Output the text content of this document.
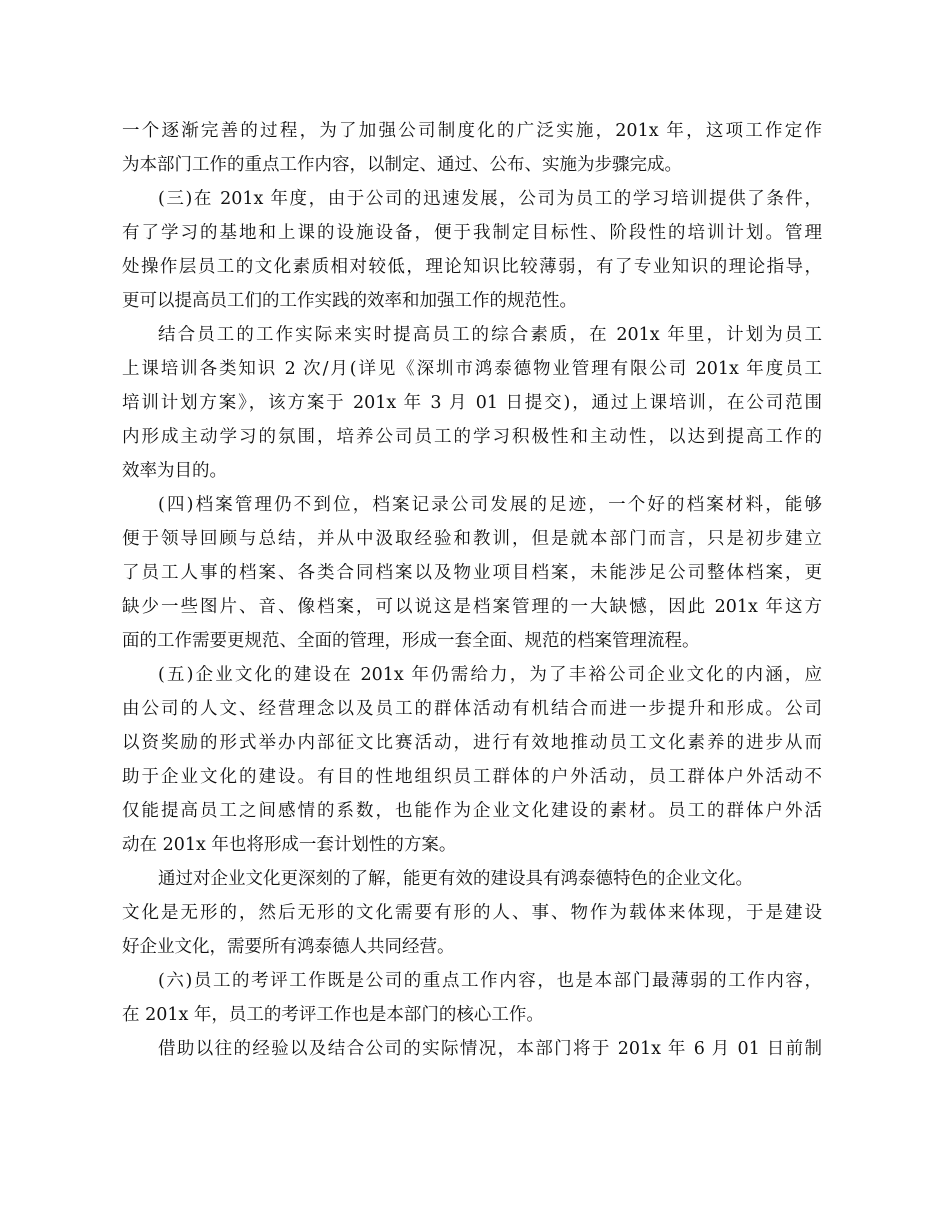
一个逐渐完善的过程，为了加强公司制度化的广泛实施，201x 年，这项工作定作
为本部门工作的重点工作内容，以制定、通过、公布、实施为步骤完成。
(三)在 201x 年度，由于公司的迅速发展，公司为员工的学习培训提供了条件，
有了学习的基地和上课的设施设备，便于我制定目标性、阶段性的培训计划。管理
处操作层员工的文化素质相对较低，理论知识比较薄弱，有了专业知识的理论指导，
更可以提高员工们的工作实践的效率和加强工作的规范性。
结合员工的工作实际来实时提高员工的综合素质，在 201x 年里，计划为员工
上课培训各类知识 2 次/月(详见《深圳市鸿泰德物业管理有限公司 201x 年度员工
培训计划方案》，该方案于 201x 年 3 月 01 日提交)，通过上课培训，在公司范围
内形成主动学习的氛围，培养公司员工的学习积极性和主动性，以达到提高工作的
效率为目的。
(四)档案管理仍不到位，档案记录公司发展的足迹，一个好的档案材料，能够
便于领导回顾与总结，并从中汲取经验和教训，但是就本部门而言，只是初步建立
了员工人事的档案、各类合同档案以及物业项目档案，未能涉足公司整体档案，更
缺少一些图片、音、像档案，可以说这是档案管理的一大缺憾，因此 201x 年这方
面的工作需要更规范、全面的管理，形成一套全面、规范的档案管理流程。
(五)企业文化的建设在 201x 年仍需给力，为了丰裕公司企业文化的内涵，应
由公司的人文、经营理念以及员工的群体活动有机结合而进一步提升和形成。公司
以资奖励的形式举办内部征文比赛活动，进行有效地推动员工文化素养的进步从而
助于企业文化的建设。有目的性地组织员工群体的户外活动，员工群体户外活动不
仅能提高员工之间感情的系数，也能作为企业文化建设的素材。员工的群体户外活
动在 201x 年也将形成一套计划性的方案。
通过对企业文化更深刻的了解，能更有效的建设具有鸿泰德特色的企业文化。
文化是无形的，然后无形的文化需要有形的人、事、物作为载体来体现，于是建设
好企业文化，需要所有鸿泰德人共同经营。
(六)员工的考评工作既是公司的重点工作内容，也是本部门最薄弱的工作内容，
在 201x 年，员工的考评工作也是本部门的核心工作。
借助以往的经验以及结合公司的实际情况，本部门将于 201x 年 6 月 01 日前制
